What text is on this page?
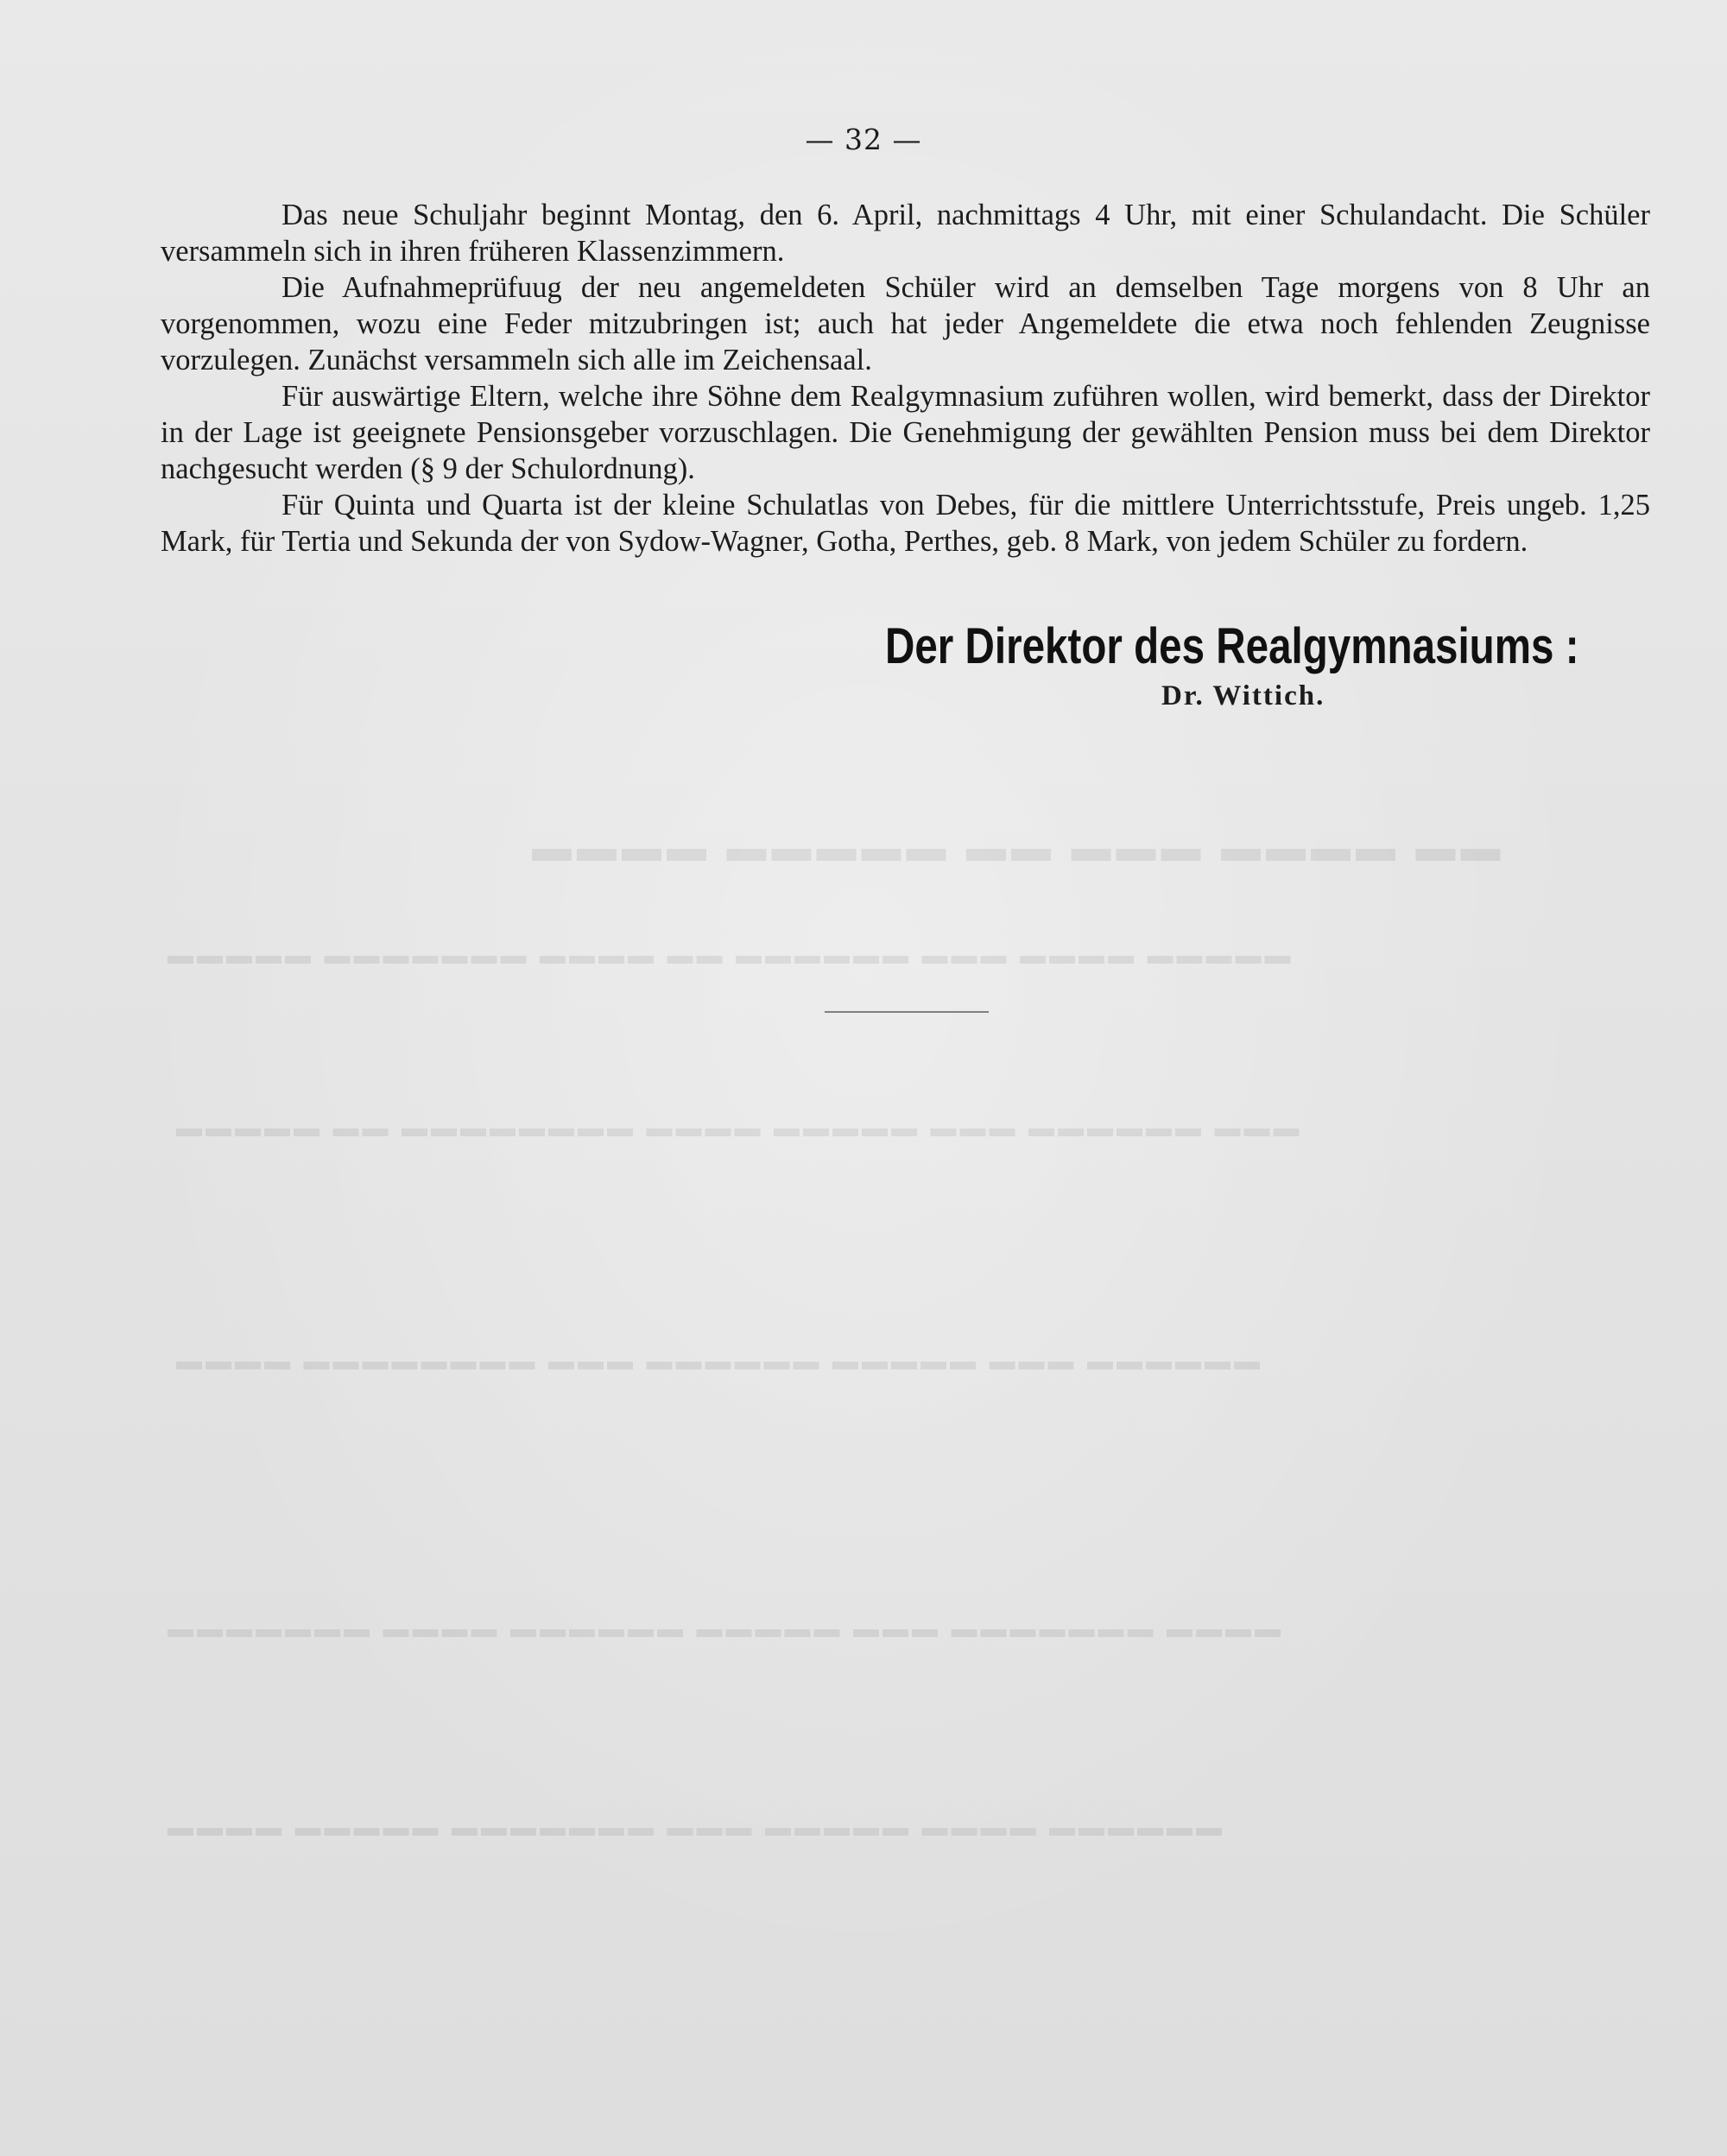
▬▬ ▬▬▬▬ ▬▬▬ ▬▬ ▬▬▬▬▬ ▬▬▬▬
▬▬▬▬▬ ▬▬▬▬ ▬▬▬ ▬▬▬▬▬▬ ▬▬ ▬▬▬▬ ▬▬▬▬▬▬▬ ▬▬▬▬▬
▬▬▬ ▬▬▬▬▬▬ ▬▬▬ ▬▬▬▬▬ ▬▬▬▬ ▬▬▬▬▬▬▬▬ ▬▬ ▬▬▬▬▬
▬▬▬▬▬▬ ▬▬▬ ▬▬▬▬▬ ▬▬▬▬▬▬ ▬▬▬ ▬▬▬▬▬▬▬▬ ▬▬▬▬
▬▬▬▬ ▬▬▬▬▬▬▬ ▬▬▬ ▬▬▬▬▬ ▬▬▬▬▬▬ ▬▬▬▬ ▬▬▬▬▬▬▬
▬▬▬▬▬▬ ▬▬▬▬ ▬▬▬▬▬ ▬▬▬ ▬▬▬▬▬▬▬ ▬▬▬▬▬ ▬▬▬▬
— 32 —

Das neue Schuljahr beginnt Montag, den 6. April, nachmittags 4 Uhr, mit einer Schulandacht. Die Schüler versammeln sich in ihren früheren Klassenzimmern.

Die Aufnahmeprüfuug der neu angemeldeten Schüler wird an demselben Tage morgens von 8 Uhr an vorgenommen, wozu eine Feder mitzubringen ist; auch hat jeder Angemeldete die etwa noch fehlenden Zeugnisse vorzulegen. Zunächst versammeln sich alle im Zeichensaal.

Für auswärtige Eltern, welche ihre Söhne dem Realgymnasium zuführen wollen, wird bemerkt, dass der Direktor in der Lage ist geeignete Pensionsgeber vorzuschlagen. Die Genehmigung der gewählten Pension muss bei dem Direktor nachgesucht werden (§ 9 der Schulordnung).

Für Quinta und Quarta ist der kleine Schulatlas von Debes, für die mittlere Unterrichtsstufe, Preis ungeb. 1,25 Mark, für Tertia und Sekunda der von Sydow-Wagner, Gotha, Perthes, geb. 8 Mark, von jedem Schüler zu fordern.

Der Direktor des Realgymnasiums :
Dr. Wittich.
